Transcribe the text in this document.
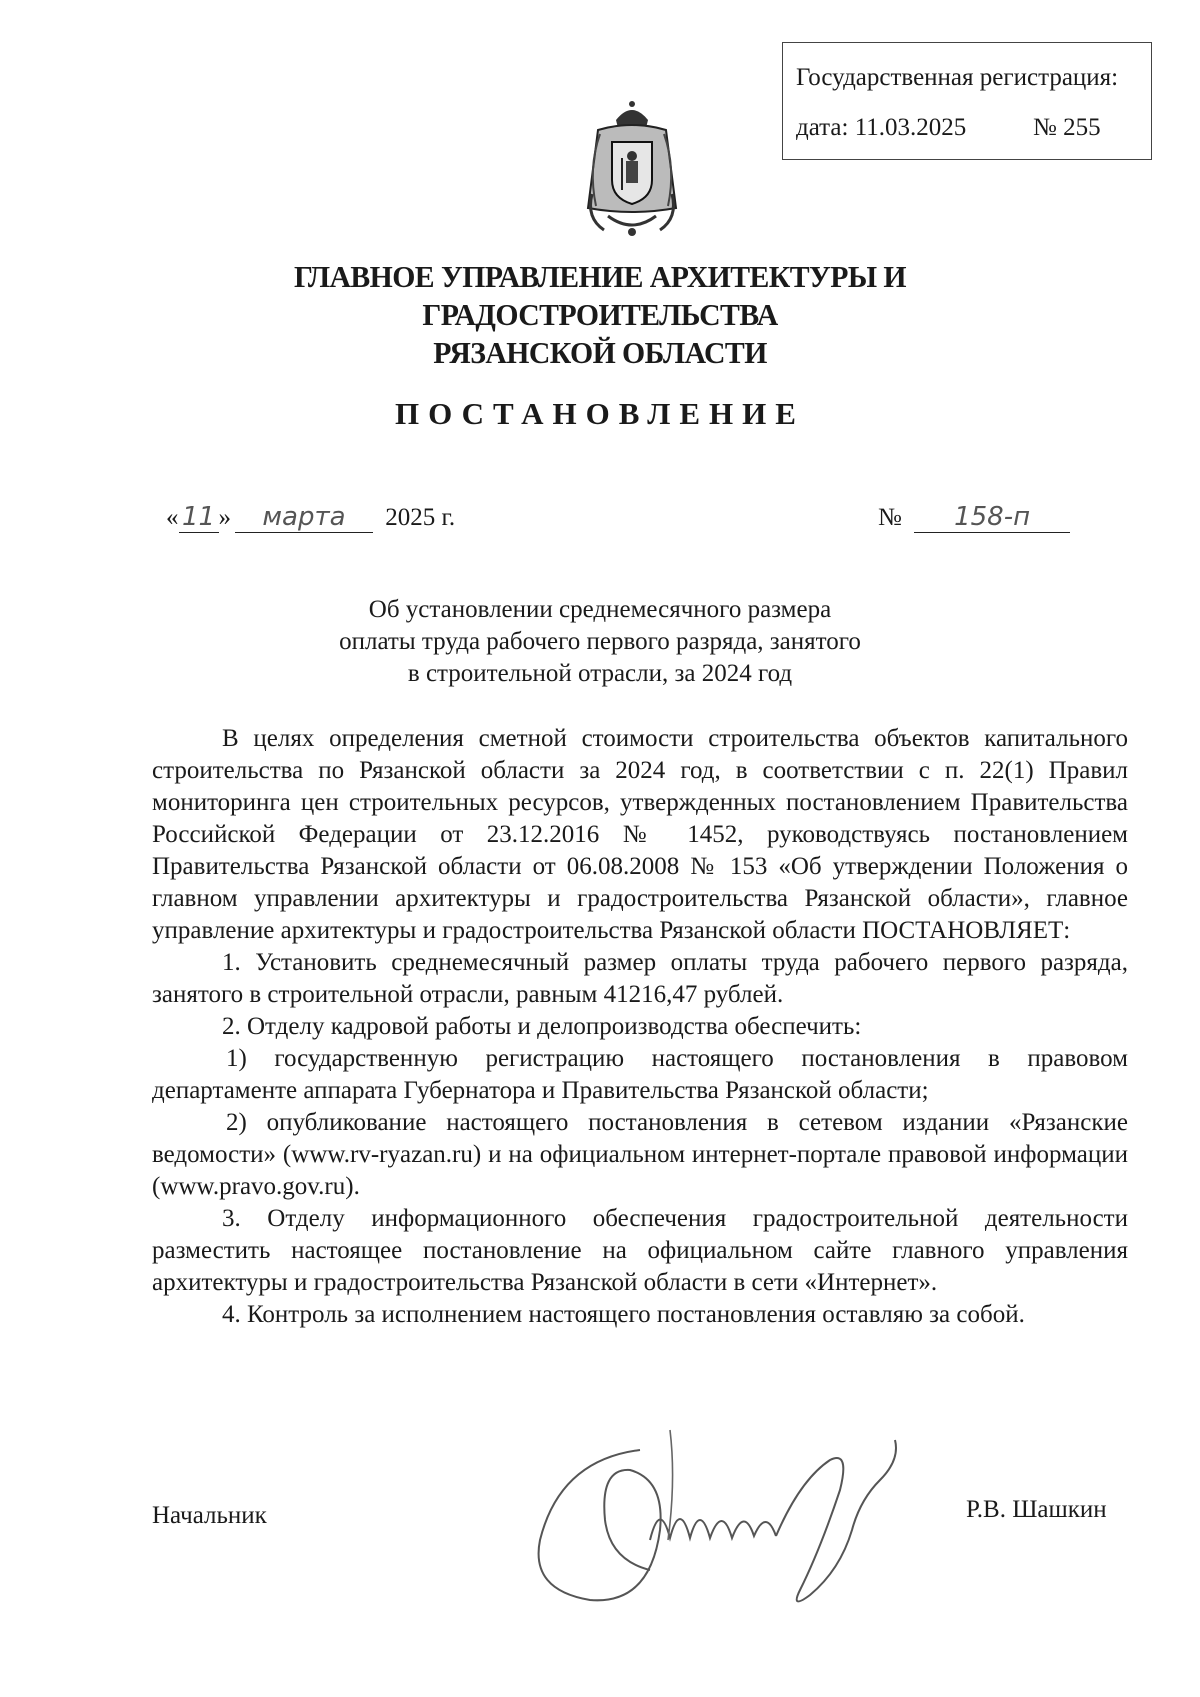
Государственная регистрация:
дата: 11.03.2025	№ 255
ГЛАВНОЕ УПРАВЛЕНИЕ АРХИТЕКТУРЫ И ГРАДОСТРОИТЕЛЬСТВА
РЯЗАНСКОЙ ОБЛАСТИ
ПОСТАНОВЛЕНИЕ
« 11 » марта 2025 г.	№ 158-п
Об установлении среднемесячного размера
оплаты труда рабочего первого разряда, занятого
в строительной отрасли, за 2024 год

В целях определения сметной стоимости строительства объектов капитального строительства по Рязанской области за 2024 год, в соответствии с п. 22(1) Правил мониторинга цен строительных ресурсов, утвержденных постановлением Правительства Российской Федерации от 23.12.2016 № 1452, руководствуясь постановлением Правительства Рязанской области от 06.08.2008 № 153 «Об утверждении Положения о главном управлении архитектуры и градостроительства Рязанской области», главное управление архитектуры и градостроительства Рязанской области ПОСТАНОВЛЯЕТ:

1. Установить среднемесячный размер оплаты труда рабочего первого разряда, занятого в строительной отрасли, равным 41216,47 рублей.

2. Отделу кадровой работы и делопроизводства обеспечить:

1) государственную регистрацию настоящего постановления в правовом департаменте аппарата Губернатора и Правительства Рязанской области;

2) опубликование настоящего постановления в сетевом издании «Рязанские ведомости» (www.rv-ryazan.ru) и на официальном интернет-портале правовой информации (www.pravo.gov.ru).

3. Отделу информационного обеспечения градостроительной деятельности разместить настоящее постановление на официальном сайте главного управления архитектуры и градостроительства Рязанской области в сети «Интернет».

4. Контроль за исполнением настоящего постановления оставляю за собой.

Начальник	Р.В. Шашкин
